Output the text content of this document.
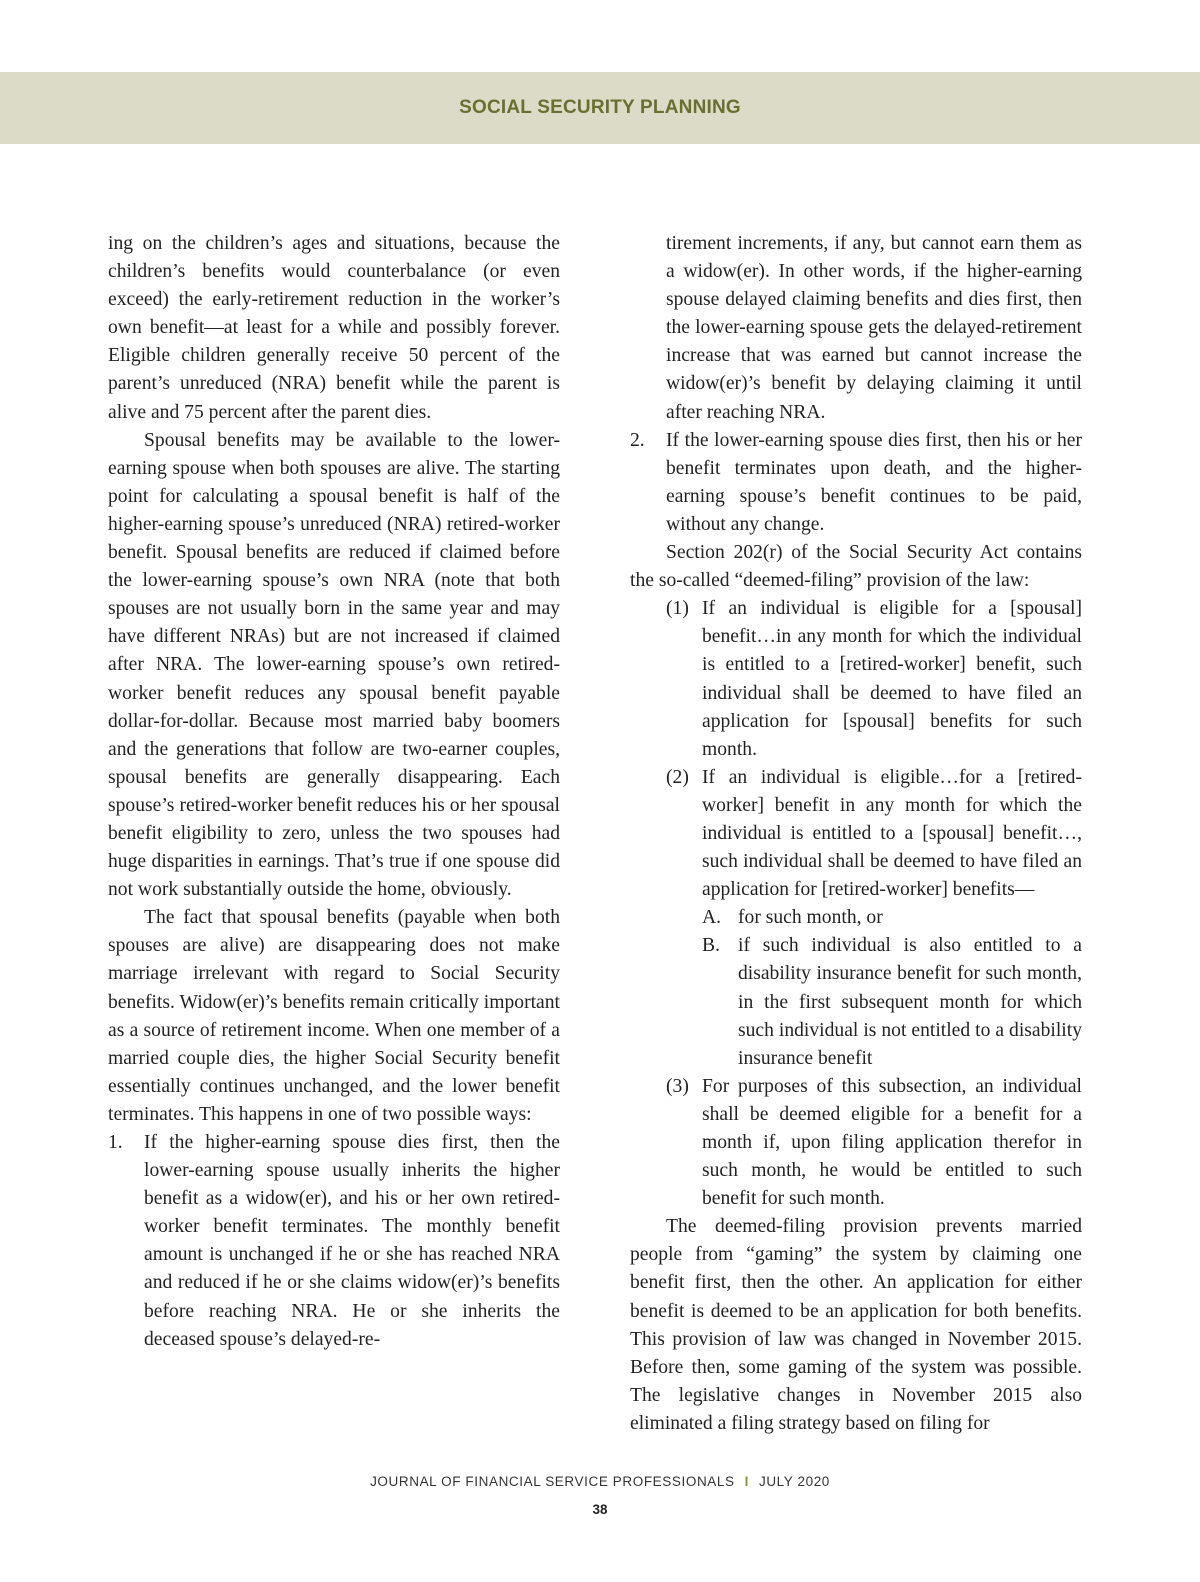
SOCIAL SECURITY PLANNING

ing on the children’s ages and situations, because the children’s benefits would counterbalance (or even exceed) the early-retirement reduction in the worker’s own benefit—at least for a while and possibly forever. Eligible children generally receive 50 percent of the parent’s unreduced (NRA) benefit while the parent is alive and 75 percent after the parent dies.

Spousal benefits may be available to the lower-earning spouse when both spouses are alive. The starting point for calculating a spousal benefit is half of the higher-earning spouse’s unreduced (NRA) retired-worker benefit. Spousal benefits are reduced if claimed before the lower-earning spouse’s own NRA (note that both spouses are not usually born in the same year and may have different NRAs) but are not increased if claimed after NRA. The lower-earning spouse’s own retired-worker benefit reduces any spousal benefit payable dollar-for-dollar. Because most married baby boomers and the generations that follow are two-earner couples, spousal benefits are generally disappearing. Each spouse’s retired-worker benefit reduces his or her spousal benefit eligibility to zero, unless the two spouses had huge disparities in earnings. That’s true if one spouse did not work substantially outside the home, obviously.

The fact that spousal benefits (payable when both spouses are alive) are disappearing does not make marriage irrelevant with regard to Social Security benefits. Widow(er)’s benefits remain critically important as a source of retirement income. When one member of a married couple dies, the higher Social Security benefit essentially continues unchanged, and the lower benefit terminates. This happens in one of two possible ways:

1. If the higher-earning spouse dies first, then the lower-earning spouse usually inherits the higher benefit as a widow(er), and his or her own retired-worker benefit terminates. The monthly benefit amount is unchanged if he or she has reached NRA and reduced if he or she claims widow(er)’s benefits before reaching NRA. He or she inherits the deceased spouse’s delayed-re-

tirement increments, if any, but cannot earn them as a widow(er). In other words, if the higher-earning spouse delayed claiming benefits and dies first, then the lower-earning spouse gets the delayed-retirement increase that was earned but cannot increase the widow(er)’s benefit by delaying claiming it until after reaching NRA.

2. If the lower-earning spouse dies first, then his or her benefit terminates upon death, and the higher-earning spouse’s benefit continues to be paid, without any change.

Section 202(r) of the Social Security Act contains the so-called “deemed-filing” provision of the law:

(1) If an individual is eligible for a [spousal] benefit…in any month for which the individual is entitled to a [retired-worker] benefit, such individual shall be deemed to have filed an application for [spousal] benefits for such month.

(2) If an individual is eligible…for a [retired-worker] benefit in any month for which the individual is entitled to a [spousal] benefit…, such individual shall be deemed to have filed an application for [retired-worker] benefits—

A. for such month, or

B. if such individual is also entitled to a disability insurance benefit for such month, in the first subsequent month for which such individual is not entitled to a disability insurance benefit

(3) For purposes of this subsection, an individual shall be deemed eligible for a benefit for a month if, upon filing application therefor in such month, he would be entitled to such benefit for such month.

The deemed-filing provision prevents married people from “gaming” the system by claiming one benefit first, then the other. An application for either benefit is deemed to be an application for both benefits. This provision of law was changed in November 2015. Before then, some gaming of the system was possible. The legislative changes in November 2015 also eliminated a filing strategy based on filing for

JOURNAL OF FINANCIAL SERVICE PROFESSIONALS I JULY 2020
38
